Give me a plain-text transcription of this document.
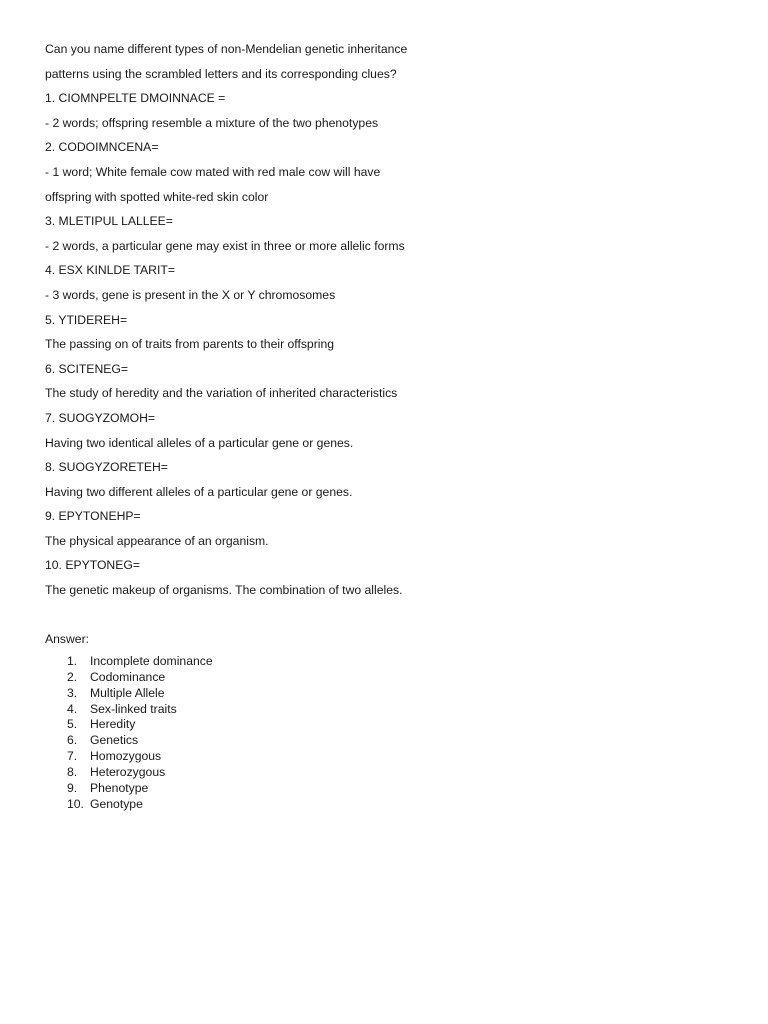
Can you name different types of non-Mendelian genetic inheritance
patterns using the scrambled letters and its corresponding clues?
1. CIOMNPELTE DMOINNACE =
- 2 words; offspring resemble a mixture of the two phenotypes
2. CODOIMNCENA=
- 1 word; White female cow mated with red male cow will have
offspring with spotted white-red skin color
3. MLETIPUL LALLEE=
- 2 words, a particular gene may exist in three or more allelic forms
4. ESX KINLDE TARIT=
- 3 words, gene is present in the X or Y chromosomes
5. YTIDEREH=
The passing on of traits from parents to their offspring
6. SCITENEG=
The study of heredity and the variation of inherited characteristics
7. SUOGYZOMOH=
Having two identical alleles of a particular gene or genes.
8. SUOGYZORETEH=
Having two different alleles of a particular gene or genes.
9. EPYTONEHP=
The physical appearance of an organism.
10. EPYTONEG=
The genetic makeup of organisms. The combination of two alleles.
Answer:
1.	Incomplete dominance
2.	Codominance
3.	Multiple Allele
4.	Sex-linked traits
5.	Heredity
6.	Genetics
7.	Homozygous
8.	Heterozygous
9.	Phenotype
10. Genotype
